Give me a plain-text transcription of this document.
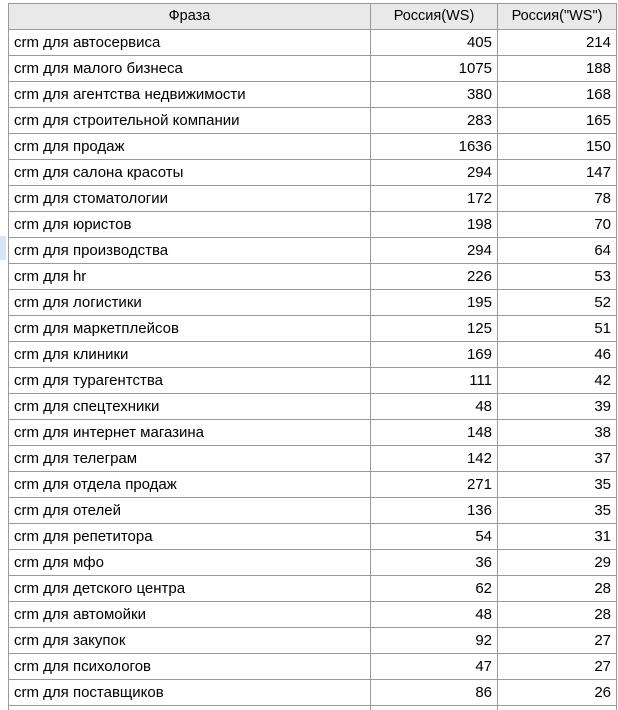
Фраза	Россия(WS)	Россия("WS")
crm для автосервиса	405	214
crm для малого бизнеса	1075	188
crm для агентства недвижимости	380	168
crm для строительной компании	283	165
crm для продаж	1636	150
crm для салона красоты	294	147
crm для стоматологии	172	78
crm для юристов	198	70
crm для производства	294	64
crm для hr	226	53
crm для логистики	195	52
crm для маркетплейсов	125	51
crm для клиники	169	46
crm для турагентства	111	42
crm для спецтехники	48	39
crm для интернет магазина	148	38
crm для телеграм	142	37
crm для отдела продаж	271	35
crm для отелей	136	35
crm для репетитора	54	31
crm для мфо	36	29
crm для детского центра	62	28
crm для автомойки	48	28
crm для закупок	92	27
crm для психологов	47	27
crm для поставщиков	86	26
